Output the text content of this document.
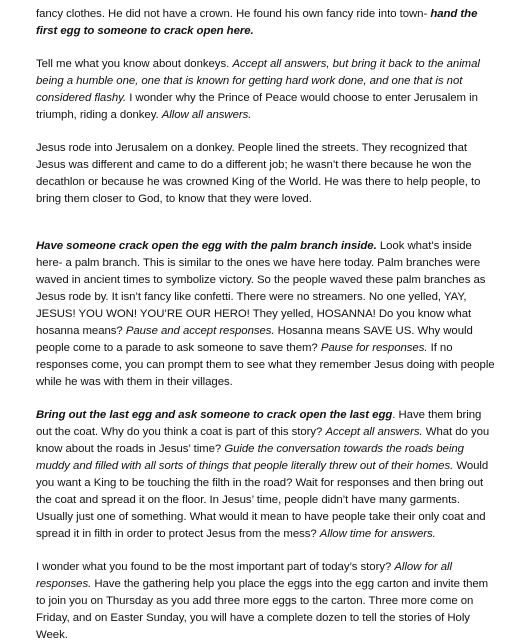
fancy clothes. He did not have a crown. He found his own fancy ride into town- hand the first egg to someone to crack open here.

Tell me what you know about donkeys. Accept all answers, but bring it back to the animal being a humble one, one that is known for getting hard work done, and one that is not considered flashy. I wonder why the Prince of Peace would choose to enter Jerusalem in triumph, riding a donkey. Allow all answers.

Jesus rode into Jerusalem on a donkey. People lined the streets. They recognized that Jesus was different and came to do a different job; he wasn’t there because he won the decathlon or because he was crowned King of the World. He was there to help people, to bring them closer to God, to know that they were loved.

Have someone crack open the egg with the palm branch inside. Look what’s inside here- a palm branch. This is similar to the ones we have here today. Palm branches were waved in ancient times to symbolize victory. So the people waved these palm branches as Jesus rode by. It isn’t fancy like confetti. There were no streamers. No one yelled, YAY, JESUS! YOU WON! YOU’RE OUR HERO! They yelled, HOSANNA! Do you know what hosanna means? Pause and accept responses. Hosanna means SAVE US. Why would people come to a parade to ask someone to save them? Pause for responses. If no responses come, you can prompt them to see what they remember Jesus doing with people while he was with them in their villages.

Bring out the last egg and ask someone to crack open the last egg. Have them bring out the coat. Why do you think a coat is part of this story? Accept all answers. What do you know about the roads in Jesus’ time? Guide the conversation towards the roads being muddy and filled with all sorts of things that people literally threw out of their homes. Would you want a King to be touching the filth in the road? Wait for responses and then bring out the coat and spread it on the floor. In Jesus’ time, people didn’t have many garments. Usually just one of something. What would it mean to have people take their only coat and spread it in filth in order to protect Jesus from the mess? Allow time for answers.

I wonder what you found to be the most important part of today’s story? Allow for all responses. Have the gathering help you place the eggs into the egg carton and invite them to join you on Thursday as you add three more eggs to the carton. Three more come on Friday, and on Easter Sunday, you will have a complete dozen to tell the stories of Holy Week.
